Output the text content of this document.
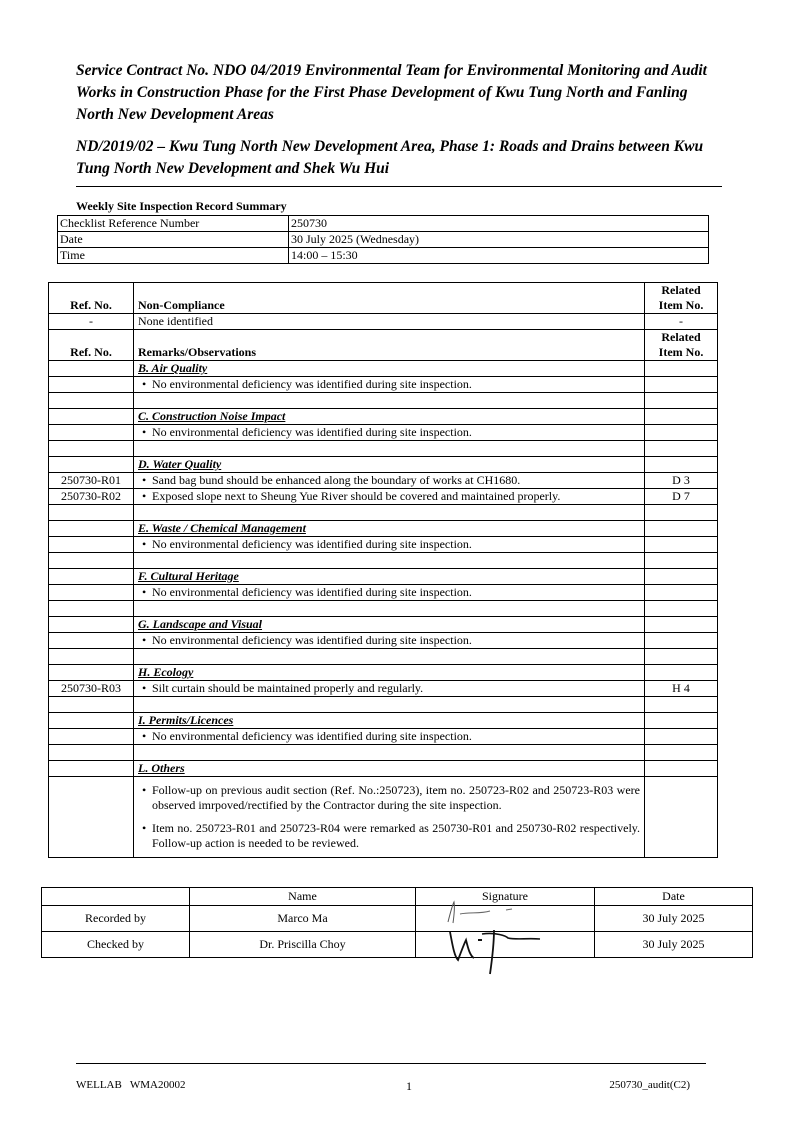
Service Contract No. NDO 04/2019 Environmental Team for Environmental Monitoring and Audit Works in Construction Phase for the First Phase Development of Kwu Tung North and Fanling North New Development Areas

ND/2019/02 – Kwu Tung North New Development Area, Phase 1: Roads and Drains between Kwu Tung North New Development and Shek Wu Hui

Weekly Site Inspection Record Summary
Checklist Reference Number	250730
Date	30 July 2025 (Wednesday)
Time	14:00 – 15:30
Ref. No.	Non-Compliance	Related
Item No.
-	None identified	-
Ref. No.	Remarks/Observations	Related
Item No.
	B. Air Quality	
	• No environmental deficiency was identified during site inspection.	

	C. Construction Noise Impact	
	• No environmental deficiency was identified during site inspection.	

	D. Water Quality	
250730-R01	• Sand bag bund should be enhanced along the boundary of works at CH1680.	D 3
250730-R02	• Exposed slope next to Sheung Yue River should be covered and maintained properly.	D 7

	E. Waste / Chemical Management	
	• No environmental deficiency was identified during site inspection.	

	F. Cultural Heritage	
	• No environmental deficiency was identified during site inspection.	

	G. Landscape and Visual	
	• No environmental deficiency was identified during site inspection.	

	H. Ecology	
250730-R03	• Silt curtain should be maintained properly and regularly.	H 4

	I. Permits/Licences	
	• No environmental deficiency was identified during site inspection.	

	L. Others	

	• Follow-up on previous audit section (Ref. No.:250723), item no. 250723-R02 and 250723-R03 were observed imrpoved/rectified by the Contractor during the site inspection.
• Item no. 250723-R01 and 250723-R04 were remarked as 250730-R01 and 250730-R02 respectively. Follow-up action is needed to be reviewed.	

	Name	Signature	Date
Recorded by	Marco Ma		30 July 2025
Checked by	Dr. Priscilla Choy		30 July 2025
WELLAB   WMA20002	1	250730_audit(C2)
